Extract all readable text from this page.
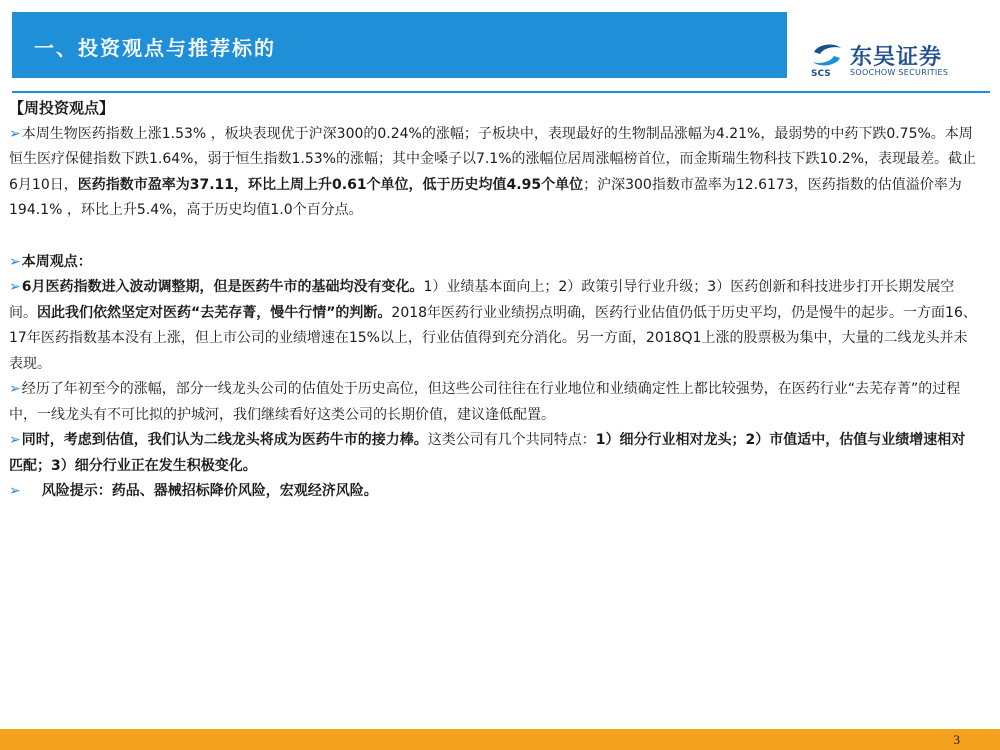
一、投资观点与推荐标的
SCS
东吴证券
SOOCHOW SECURITIES

【周投资观点】

➢本周生物医药指数上涨1.53% ，板块表现优于沪深300的0.24%的涨幅；子板块中，表现最好的生物制品涨幅为4.21%，最弱势的中药下跌0.75%。本周恒生医疗保健指数下跌1.64%，弱于恒生指数1.53%的涨幅；其中金嗓子以7.1%的涨幅位居周涨幅榜首位，而金斯瑞生物科技下跌10.2%，表现最差。截止6月10日，医药指数市盈率为37.11，环比上周上升0.61个单位，低于历史均值4.95个单位；沪深300指数市盈率为12.6173，医药指数的估值溢价率为194.1% ，环比上升5.4%，高于历史均值1.0个百分点。

➢本周观点：

➢6月医药指数进入波动调整期，但是医药牛市的基础均没有变化。1）业绩基本面向上；2）政策引导行业升级；3）医药创新和科技进步打开长期发展空间。因此我们依然坚定对医药“去芜存菁，慢牛行情”的判断。2018年医药行业业绩拐点明确，医药行业估值仍低于历史平均，仍是慢牛的起步。一方面16、17年医药指数基本没有上涨，但上市公司的业绩增速在15%以上，行业估值得到充分消化。另一方面，2018Q1上涨的股票极为集中，大量的二线龙头并未表现。

➢经历了年初至今的涨幅，部分一线龙头公司的估值处于历史高位，但这些公司往往在行业地位和业绩确定性上都比较强势，在医药行业“去芜存菁”的过程中，一线龙头有不可比拟的护城河，我们继续看好这类公司的长期价值，建议逢低配置。

➢同时，考虑到估值，我们认为二线龙头将成为医药牛市的接力棒。这类公司有几个共同特点：1）细分行业相对龙头；2）市值适中，估值与业绩增速相对匹配；3）细分行业正在发生积极变化。

➢ 风险提示：药品、器械招标降价风险，宏观经济风险。

3
